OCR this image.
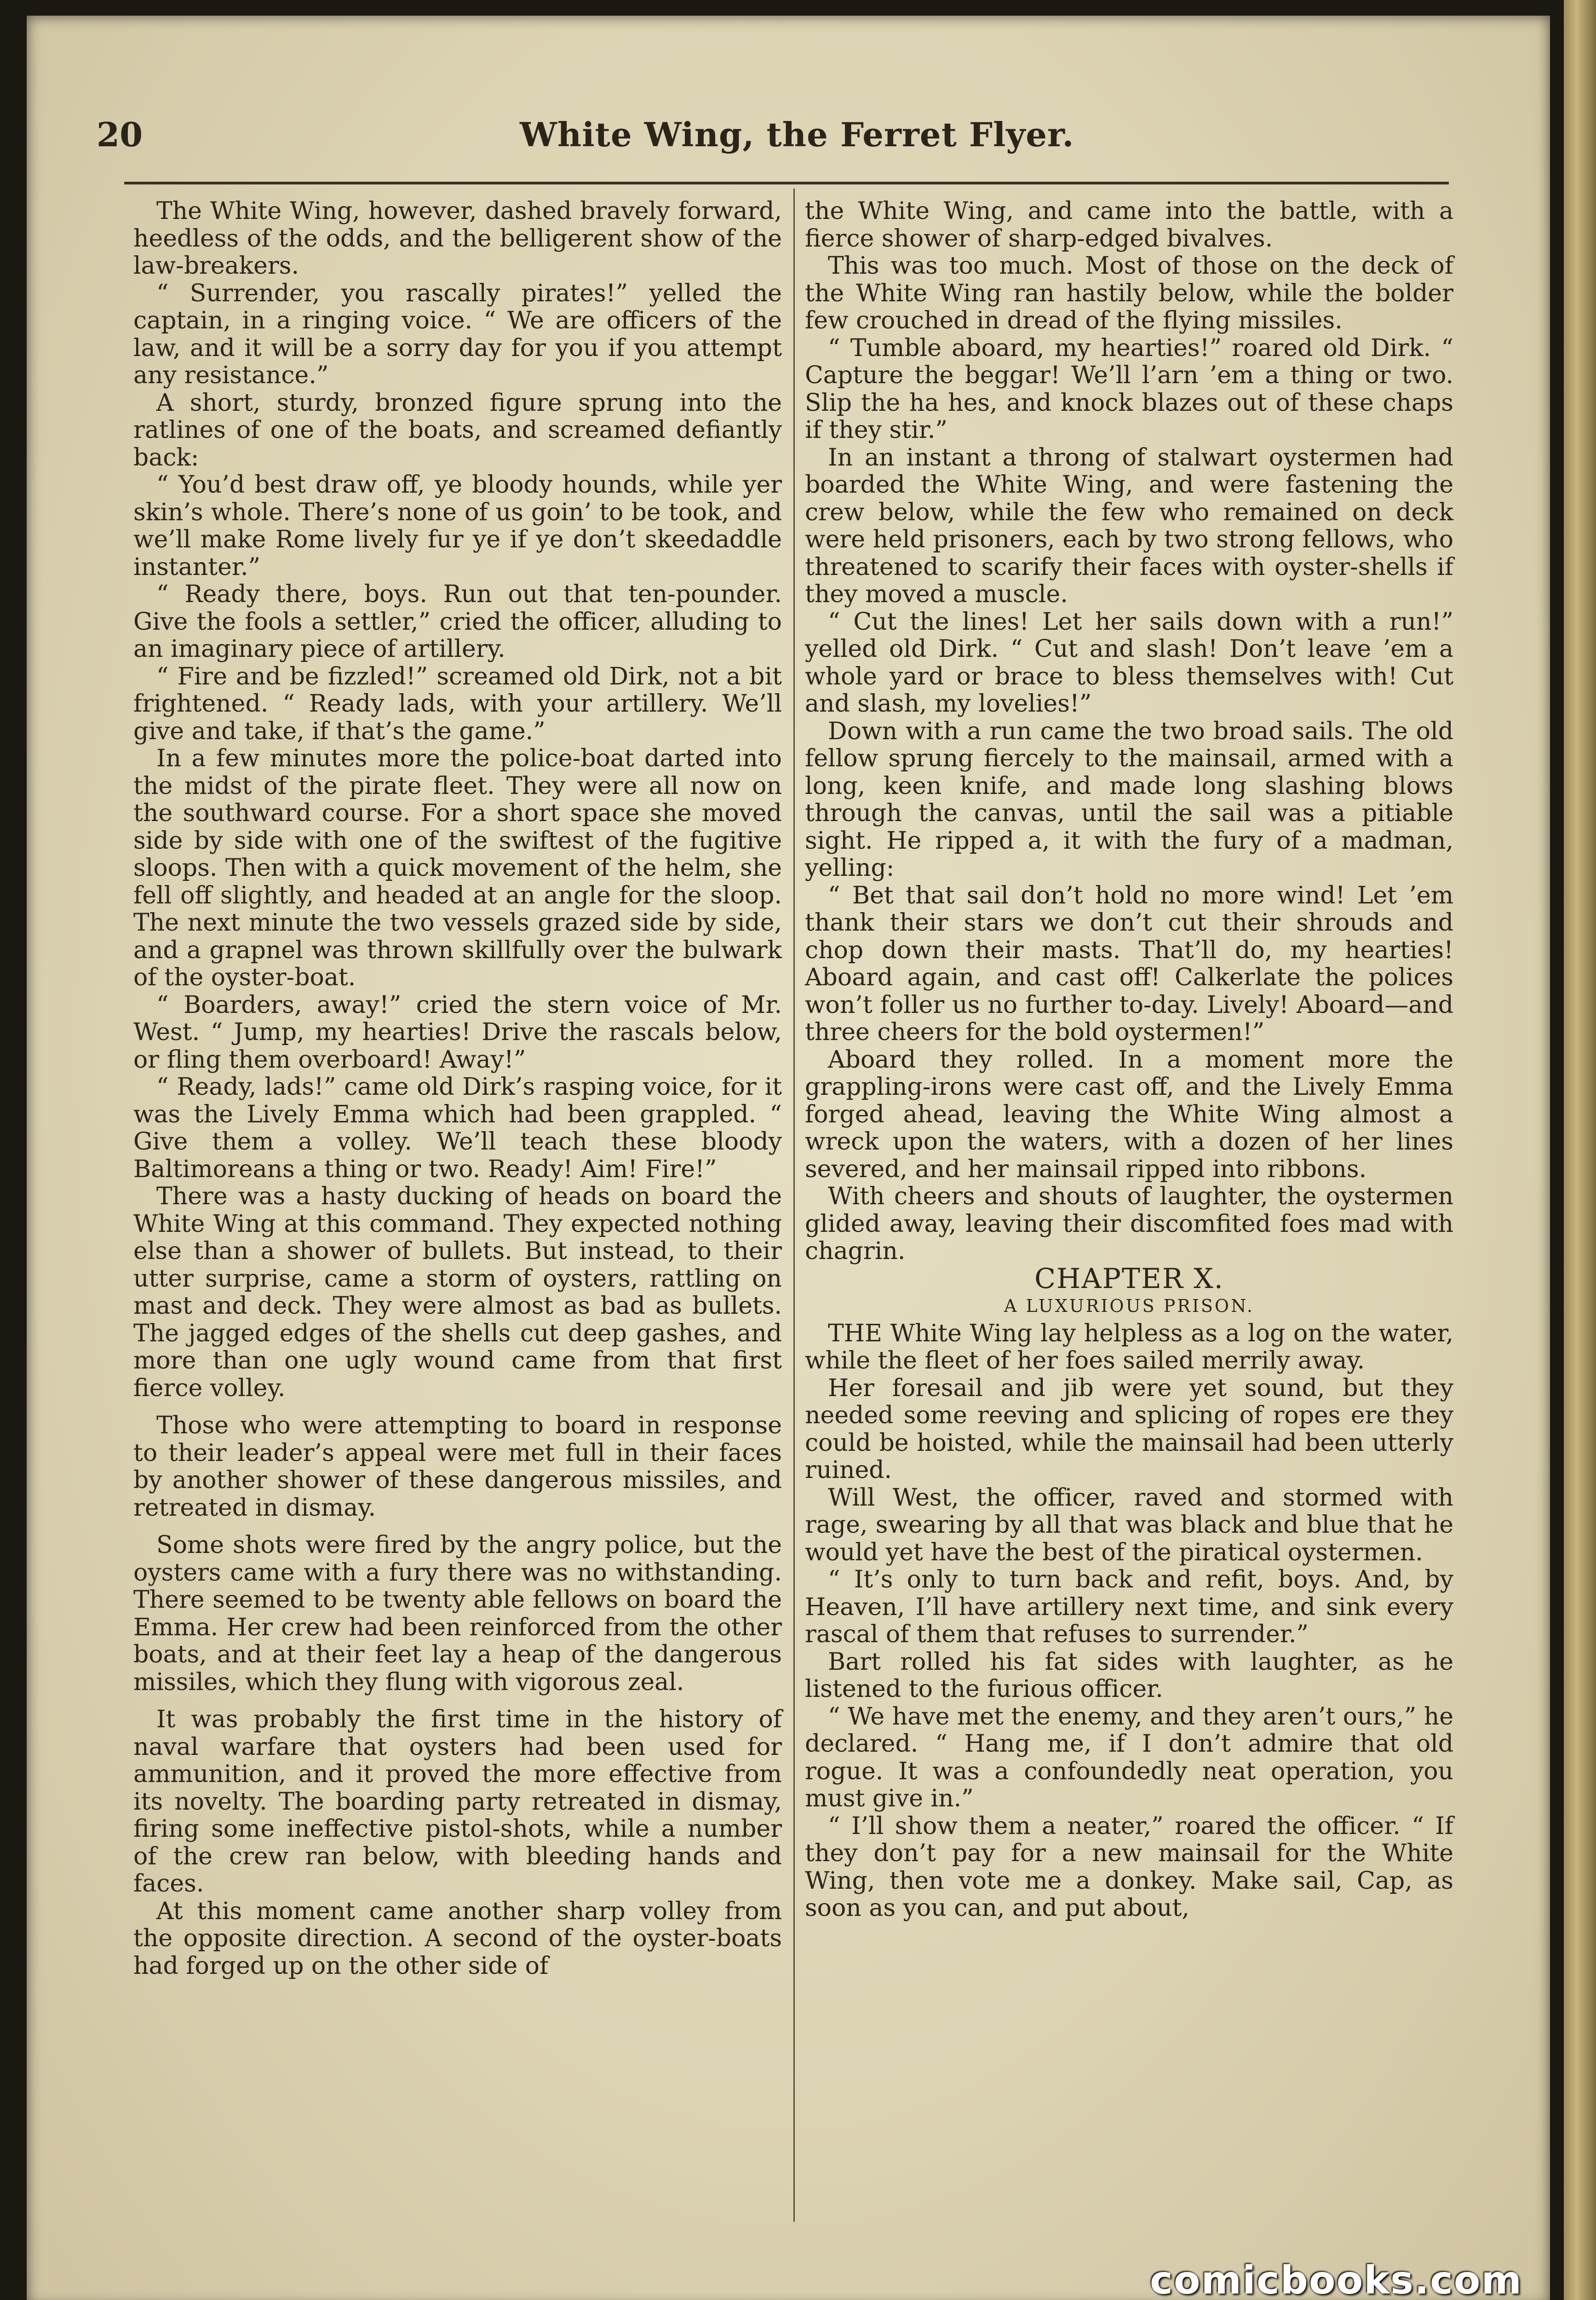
20	White Wing, the Ferret Flyer.

The White Wing, however, dashed bravely forward, heedless of the odds, and the belligerent show of the law-breakers.

“ Surrender, you rascally pirates!” yelled the captain, in a ringing voice. “ We are officers of the law, and it will be a sorry day for you if you attempt any resistance.”

A short, sturdy, bronzed figure sprung into the ratlines of one of the boats, and screamed defiantly back:

“ You’d best draw off, ye bloody hounds, while yer skin’s whole. There’s none of us goin’ to be took, and we’ll make Rome lively fur ye if ye don’t skeedaddle instanter.”

“ Ready there, boys. Run out that ten-pounder. Give the fools a settler,” cried the officer, alluding to an imaginary piece of artillery.

“ Fire and be fizzled!” screamed old Dirk, not a bit frightened. “ Ready lads, with your artillery. We’ll give and take, if that’s the game.”

In a few minutes more the police-boat darted into the midst of the pirate fleet. They were all now on the southward course. For a short space she moved side by side with one of the swiftest of the fugitive sloops. Then with a quick movement of the helm, she fell off slightly, and headed at an angle for the sloop. The next minute the two vessels grazed side by side, and a grapnel was thrown skillfully over the bulwark of the oyster-boat.

“ Boarders, away!” cried the stern voice of Mr. West. “ Jump, my hearties! Drive the rascals below, or fling them overboard! Away!”

“ Ready, lads!” came old Dirk’s rasping voice, for it was the Lively Emma which had been grappled. “ Give them a volley. We’ll teach these bloody Baltimoreans a thing or two. Ready! Aim! Fire!”

There was a hasty ducking of heads on board the White Wing at this command. They expected nothing else than a shower of bullets. But instead, to their utter surprise, came a storm of oysters, rattling on mast and deck. They were almost as bad as bullets. The jagged edges of the shells cut deep gashes, and more than one ugly wound came from that first fierce volley.

Those who were attempting to board in response to their leader’s appeal were met full in their faces by another shower of these dangerous missiles, and retreated in dismay.

Some shots were fired by the angry police, but the oysters came with a fury there was no withstanding. There seemed to be twenty able fellows on board the Emma. Her crew had been reinforced from the other boats, and at their feet lay a heap of the dangerous missiles, which they flung with vigorous zeal.

It was probably the first time in the history of naval warfare that oysters had been used for ammunition, and it proved the more effective from its novelty. The boarding party retreated in dismay, firing some ineffective pistol-shots, while a number of the crew ran below, with bleeding hands and faces.

At this moment came another sharp volley from the opposite direction. A second of the oyster-boats had forged up on the other side of

the White Wing, and came into the battle, with a fierce shower of sharp-edged bivalves.

This was too much. Most of those on the deck of the White Wing ran hastily below, while the bolder few crouched in dread of the flying missiles.

“ Tumble aboard, my hearties!” roared old Dirk. “ Capture the beggar! We’ll l’arn ’em a thing or two. Slip the ha hes, and knock blazes out of these chaps if they stir.”

In an instant a throng of stalwart oystermen had boarded the White Wing, and were fastening the crew below, while the few who remained on deck were held prisoners, each by two strong fellows, who threatened to scarify their faces with oyster-shells if they moved a muscle.

“ Cut the lines! Let her sails down with a run!” yelled old Dirk. “ Cut and slash! Don’t leave ’em a whole yard or brace to bless themselves with! Cut and slash, my lovelies!”

Down with a run came the two broad sails. The old fellow sprung fiercely to the mainsail, armed with a long, keen knife, and made long slashing blows through the canvas, until the sail was a pitiable sight. He ripped a, it with the fury of a madman, yelling:

“ Bet that sail don’t hold no more wind! Let ’em thank their stars we don’t cut their shrouds and chop down their masts. That’ll do, my hearties! Aboard again, and cast off! Calkerlate the polices won’t foller us no further to-day. Lively! Aboard—and three cheers for the bold oystermen!”

Aboard they rolled. In a moment more the grappling-irons were cast off, and the Lively Emma forged ahead, leaving the White Wing almost a wreck upon the waters, with a dozen of her lines severed, and her mainsail ripped into ribbons.

With cheers and shouts of laughter, the oystermen glided away, leaving their discomfited foes mad with chagrin.

CHAPTER X.

A LUXURIOUS PRISON.

THE White Wing lay helpless as a log on the water, while the fleet of her foes sailed merrily away.

Her foresail and jib were yet sound, but they needed some reeving and splicing of ropes ere they could be hoisted, while the mainsail had been utterly ruined.

Will West, the officer, raved and stormed with rage, swearing by all that was black and blue that he would yet have the best of the piratical oystermen.

“ It’s only to turn back and refit, boys. And, by Heaven, I’ll have artillery next time, and sink every rascal of them that refuses to surrender.”

Bart rolled his fat sides with laughter, as he listened to the furious officer.

“ We have met the enemy, and they aren’t ours,” he declared. “ Hang me, if I don’t admire that old rogue. It was a confoundedly neat operation, you must give in.”

“ I’ll show them a neater,” roared the officer. “ If they don’t pay for a new mainsail for the White Wing, then vote me a donkey. Make sail, Cap, as soon as you can, and put about,

comicbooks.com
